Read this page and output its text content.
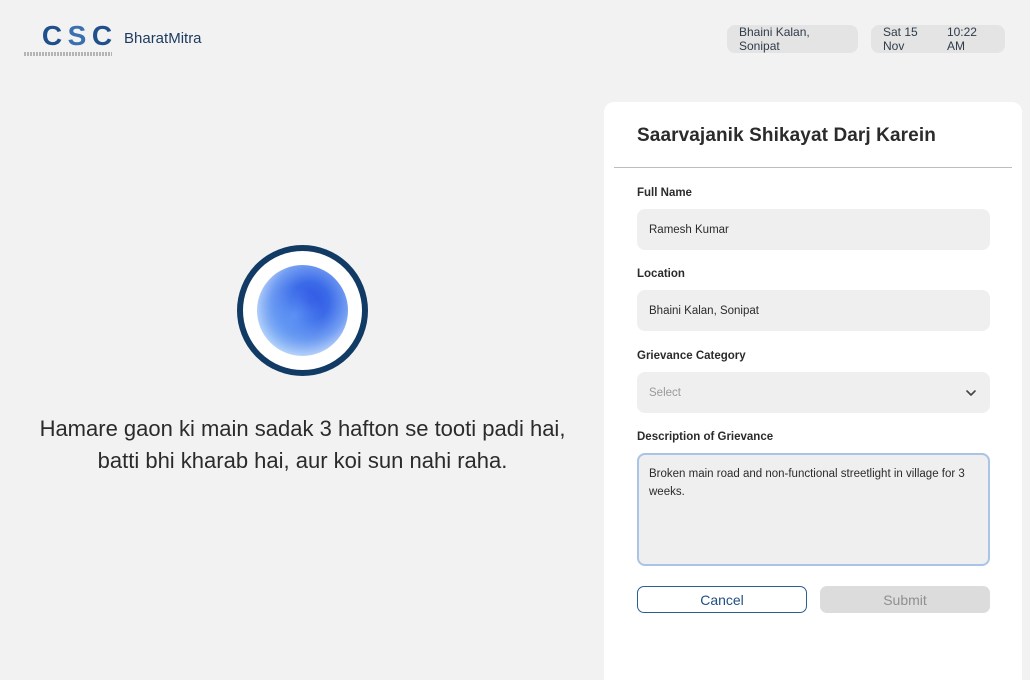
C S C BharatMitra	Bhaini Kalan, Sonipat
Sat 15 Nov
10:22 AM
Hamare gaon ki main sadak 3 hafton se tooti padi hai, batti bhi kharab hai, aur koi sun nahi raha.
Saarvajanik Shikayat Darj Karein
Full Name
Ramesh Kumar
Location
Bhaini Kalan, Sonipat
Grievance Category
Select
Description of Grievance
Broken main road and non-functional streetlight in village for 3 weeks.
Cancel	Submit
